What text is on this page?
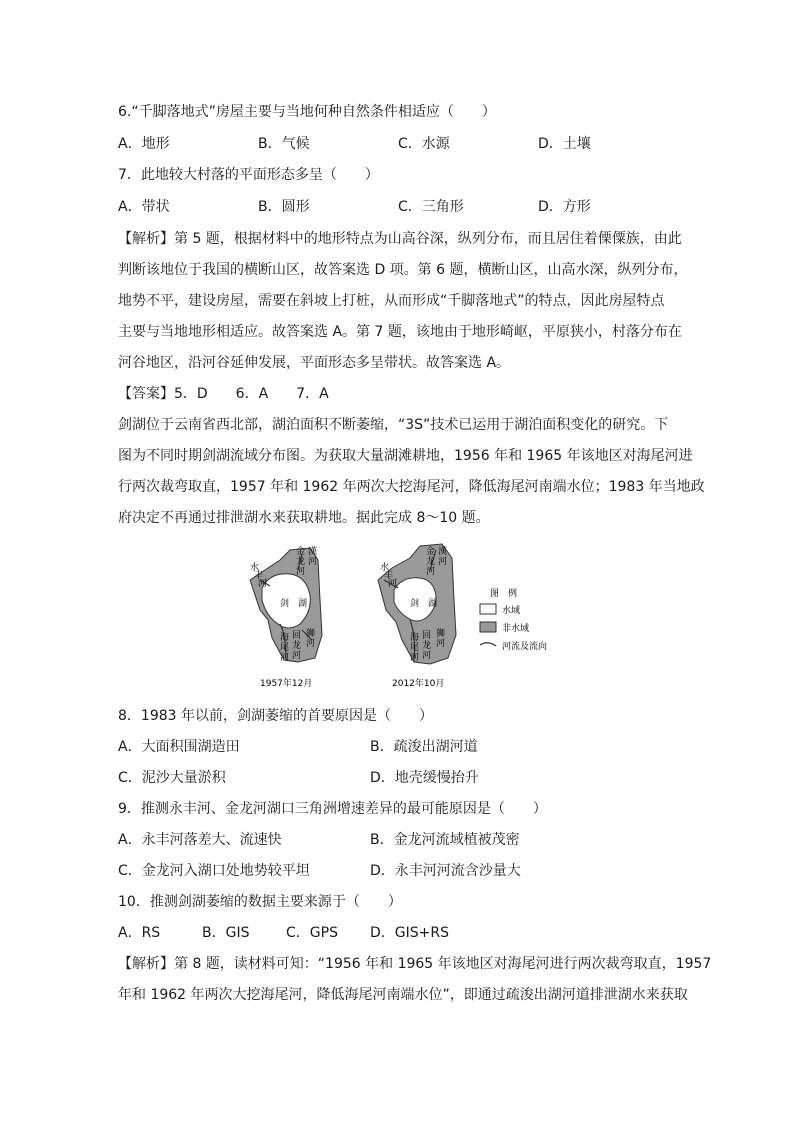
6.“千脚落地式”房屋主要与当地何种自然条件相适应（　　）
A．地形	B．气候	C．水源	D．土壤
7．此地较大村落的平面形态多呈（　　）
A．带状	B．圆形	C．三角形	D．方形
【解析】第 5 题，根据材料中的地形特点为山高谷深，纵列分布，而且居住着傈僳族，由此
判断该地位于我国的横断山区，故答案选 D 项。第 6 题，横断山区，山高水深，纵列分布，
地势不平，建设房屋，需要在斜坡上打桩，从而形成“千脚落地式”的特点，因此房屋特点
主要与当地地形相适应。故答案选 A。第 7 题，该地由于地形崎岖，平原狭小，村落分布在
河谷地区，沿河谷延伸发展，平面形态多呈带状。故答案选 A。
【答案】5．D　　6．A　　7．A
剑湖位于云南省西北部，湖泊面积不断萎缩，“3S”技术已运用于湖泊面积变化的研究。下
图为不同时期剑湖流域分布图。为获取大量湖滩耕地，1956 年和 1965 年该地区对海尾河进
行两次裁弯取直，1957 年和 1962 年两次大挖海尾河，降低海尾河南端水位；1983 年当地政
府决定不再通过排泄湖水来获取耕地。据此完成 8～10 题。
剑　湖
1957年12月
剑　湖
2012年10月
图　例
水域
非水域
河流及流向
金
龙
河
水
丰
河
漢
河
海
尾
河
回
龙
河
狮
河
金
龙
河
水
丰
河
漢
河
海
尾
河
回
龙
河
狮
河
8．1983 年以前，剑湖萎缩的首要原因是（　　）
A．大面积围湖造田	B．疏浚出湖河道
C．泥沙大量淤积	D．地壳缓慢抬升
9．推测永丰河、金龙河湖口三角洲增速差异的最可能原因是（　　）
A．永丰河落差大、流速快	B．金龙河流域植被茂密
C．金龙河入湖口处地势较平坦	D．永丰河河流含沙量大
10．推测剑湖萎缩的数据主要来源于（　　）
A．RS	B．GIS	C．GPS D．GIS+RS
【解析】第 8 题，读材料可知：“1956 年和 1965 年该地区对海尾河进行两次裁弯取直，1957
年和 1962 年两次大挖海尾河，降低海尾河南端水位”，即通过疏浚出湖河道排泄湖水来获取
